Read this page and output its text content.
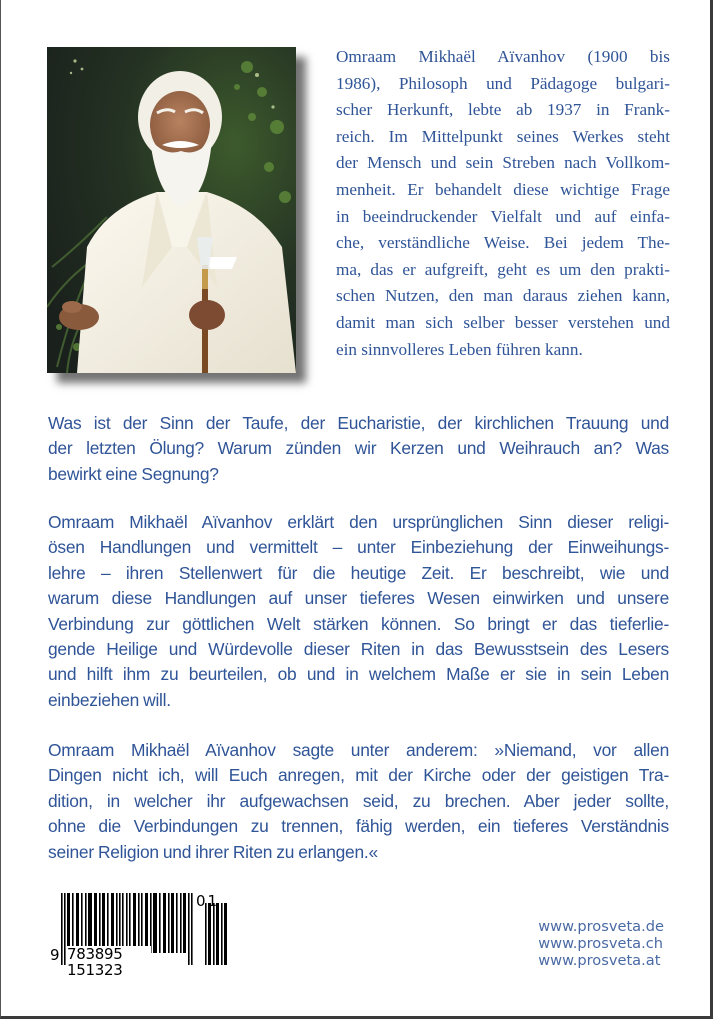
Omraam Mikhaël Aïvanhov (1900 bis
1986), Philosoph und Pädagoge bulgari-
scher Herkunft, lebte ab 1937 in Frank-
reich. Im Mittelpunkt seines Werkes steht
der Mensch und sein Streben nach Vollkom-
menheit. Er behandelt diese wichtige Frage
in beeindruckender Vielfalt und auf einfa-
che, verständliche Weise. Bei jedem The-
ma, das er aufgreift, geht es um den prakti-
schen Nutzen, den man daraus ziehen kann,
damit man sich selber besser verstehen und
ein sinnvolleres Leben führen kann.
Was ist der Sinn der Taufe, der Eucharistie, der kirchlichen Trauung und
der letzten Ölung? Warum zünden wir Kerzen und Weihrauch an? Was
bewirkt eine Segnung?
Omraam Mikhaël Aïvanhov erklärt den ursprünglichen Sinn dieser religi-
ösen Handlungen und vermittelt – unter Einbeziehung der Einweihungs-
lehre – ihren Stellenwert für die heutige Zeit. Er beschreibt, wie und
warum diese Handlungen auf unser tieferes Wesen einwirken und unsere
Verbindung zur göttlichen Welt stärken können. So bringt er das tieferlie-
gende Heilige und Würdevolle dieser Riten in das Bewusstsein des Lesers
und hilft ihm zu beurteilen, ob und in welchem Maße er sie in sein Leben
einbeziehen will.
Omraam Mikhaël Aïvanhov sagte unter anderem: »Niemand, vor allen
Dingen nicht ich, will Euch anregen, mit der Kirche oder der geistigen Tra-
dition, in welcher ihr aufgewachsen seid, zu brechen. Aber jeder sollte,
ohne die Verbindungen zu trennen, fähig werden, ein tieferes Verständnis
seiner Religion und ihrer Riten zu erlangen.«
9 783895 151323
01
www.prosveta.de
www.prosveta.ch
www.prosveta.at
